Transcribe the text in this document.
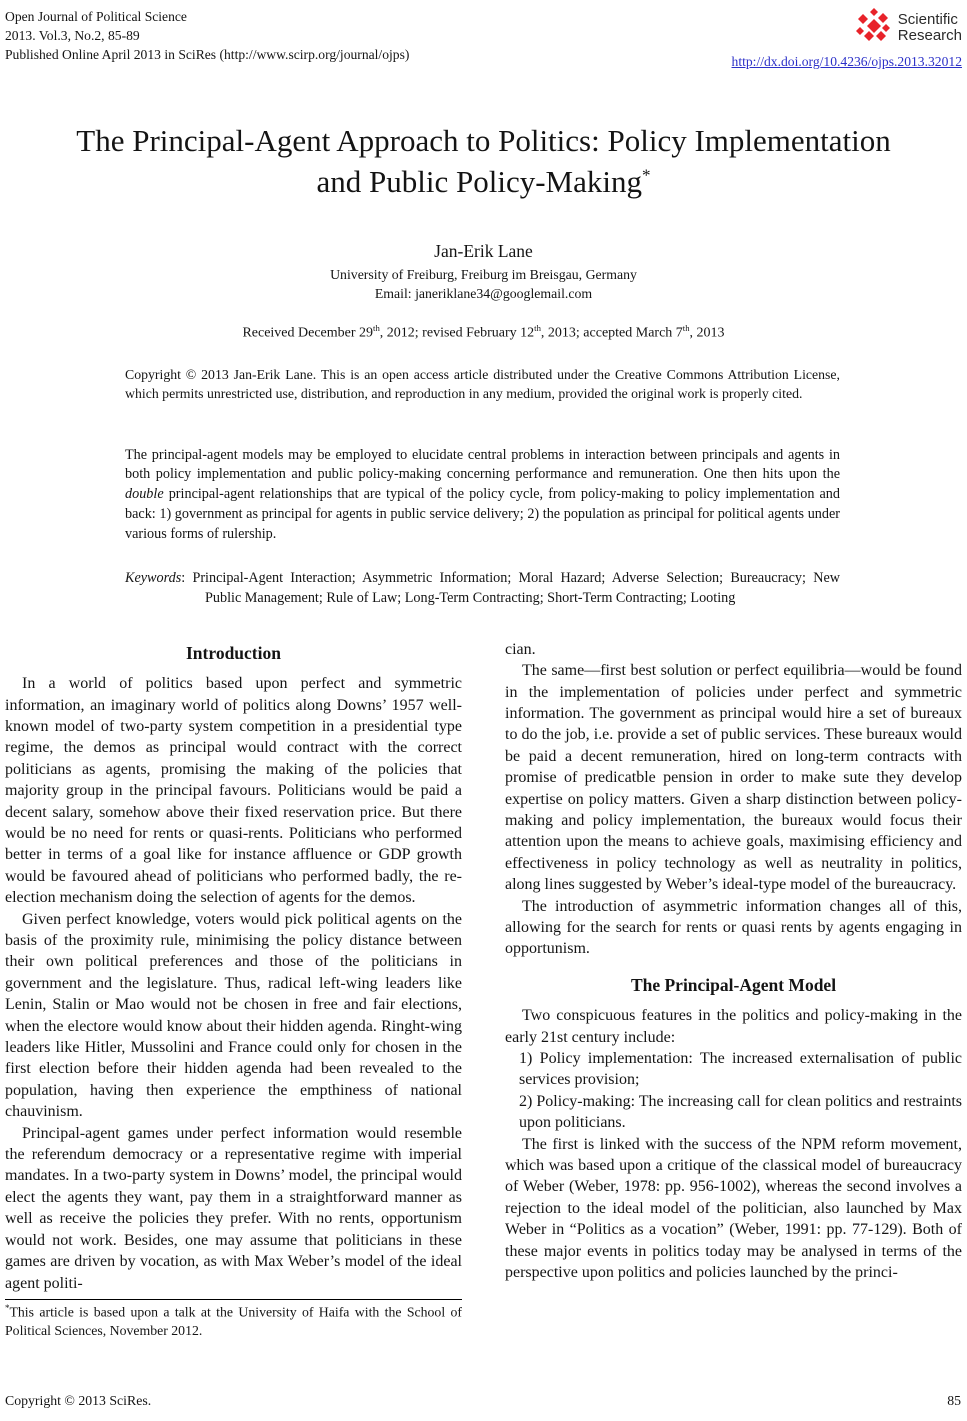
Open Journal of Political Science
2013. Vol.3, No.2, 85-89
Published Online April 2013 in SciRes (http://www.scirp.org/journal/ojps)
Scientific
Research
http://dx.doi.org/10.4236/ojps.2013.32012
The Principal-Agent Approach to Politics: Policy Implementation
and Public Policy-Making*
Jan-Erik Lane
University of Freiburg, Freiburg im Breisgau, Germany
Email: janeriklane34@googlemail.com
Received December 29th, 2012; revised February 12th, 2013; accepted March 7th, 2013

Copyright © 2013 Jan-Erik Lane. This is an open access article distributed under the Creative Commons Attribution License, which permits unrestricted use, distribution, and reproduction in any medium, provided the original work is properly cited.

The principal-agent models may be employed to elucidate central problems in interaction between principals and agents in both policy implementation and public policy-making concerning performance and remuneration. One then hits upon the double principal-agent relationships that are typical of the policy cycle, from policy-making to policy implementation and back: 1) government as principal for agents in public service delivery; 2) the population as principal for political agents under various forms of rulership.

Keywords: Principal-Agent Interaction; Asymmetric Information; Moral Hazard; Adverse Selection; Bureaucracy; New Public Management; Rule of Law; Long-Term Contracting; Short-Term Contracting; Looting

Introduction

In a world of politics based upon perfect and symmetric information, an imaginary world of politics along Downs’ 1957 well-known model of two-party system competition in a presidential type regime, the demos as principal would contract with the correct politicians as agents, promising the making of the policies that majority group in the principal favours. Politicians would be paid a decent salary, somehow above their fixed reservation price. But there would be no need for rents or quasi-rents. Politicians who performed better in terms of a goal like for instance affluence or GDP growth would be favoured ahead of politicians who performed badly, the re-election mechanism doing the selection of agents for the demos.

Given perfect knowledge, voters would pick political agents on the basis of the proximity rule, minimising the policy distance between their own political preferences and those of the politicians in government and the legislature. Thus, radical left-wing leaders like Lenin, Stalin or Mao would not be chosen in free and fair elections, when the electore would know about their hidden agenda. Ringht-wing leaders like Hitler, Mussolini and France could only for chosen in the first election before their hidden agenda had been revealed to the population, having then experience the empthiness of national chauvinism.

Principal-agent games under perfect information would resemble the referendum democracy or a representative regime with imperial mandates. In a two-party system in Downs’ model, the principal would elect the agents they want, pay them in a straightforward manner as well as receive the policies they prefer. With no rents, opportunism would not work. Besides, one may assume that politicians in these games are driven by vocation, as with Max Weber’s model of the ideal agent politi-

*This article is based upon a talk at the University of Haifa with the School of Political Sciences, November 2012.

cian.

The same—first best solution or perfect equilibria—would be found in the implementation of policies under perfect and symmetric information. The government as principal would hire a set of bureaux to do the job, i.e. provide a set of public services. These bureaux would be paid a decent remuneration, hired on long-term contracts with promise of predicatble pension in order to make sute they develop expertise on policy matters. Given a sharp distinction between policy-making and policy implementation, the bureaux would focus their attention upon the means to achieve goals, maximising efficiency and effectiveness in policy technology as well as neutrality in politics, along lines suggested by Weber’s ideal-type model of the bureaucracy.

The introduction of asymmetric information changes all of this, allowing for the search for rents or quasi rents by agents engaging in opportunism.

The Principal-Agent Model

Two conspicuous features in the politics and policy-making in the early 21st century include:

1) Policy implementation: The increased externalisation of public services provision;

2) Policy-making: The increasing call for clean politics and restraints upon politicians.

The first is linked with the success of the NPM reform movement, which was based upon a critique of the classical model of bureaucracy of Weber (Weber, 1978: pp. 956-1002), whereas the second involves a rejection to the ideal model of the politician, also launched by Max Weber in “Politics as a vocation” (Weber, 1991: pp. 77-129). Both of these major events in politics today may be analysed in terms of the perspective upon politics and policies launched by the princi-

Copyright © 2013 SciRes.	85
